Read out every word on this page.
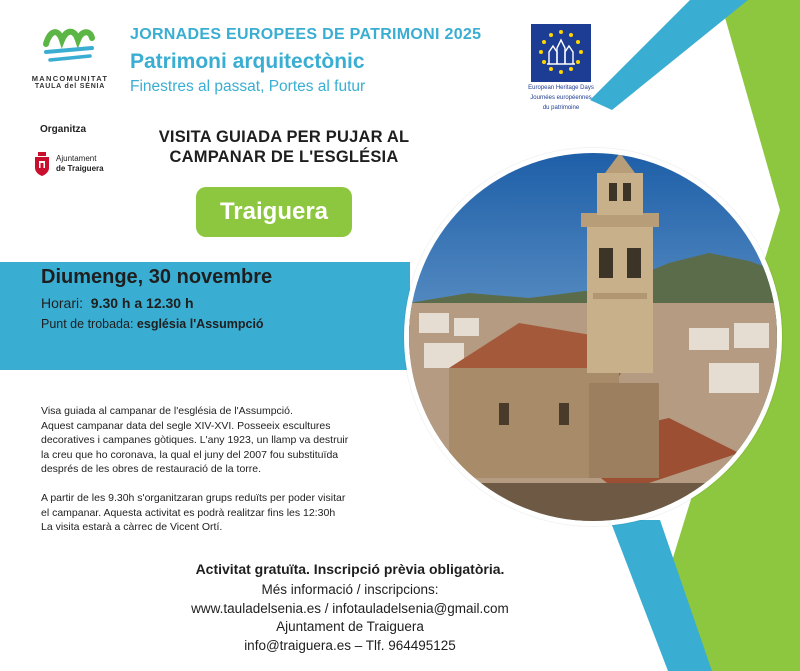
MANCOMUNITAT
TAULA del SÉNIA
Organitza
Ajuntament
de Traiguera
JORNADES EUROPEES DE PATRIMONI 2025
Patrimoni arquitectònic
Finestres al passat, Portes al futur	European Heritage Days
Journées européennes
du patrimoine
VISITA GUIADA PER PUJAR AL
CAMPANAR DE L'ESGLÉSIA
Traiguera
Diumenge, 30 novembre
Horari: 9.30 h a 12.30 h
Punt de trobada: església l'Assumpció

Visa guiada al campanar de l'església de l'Assumpció.
Aquest campanar data del segle XIV-XVI. Posseeix escultures
decoratives i campanes gòtiques. L'any 1923, un llamp va destruir
la creu que ho coronava, la qual el juny del 2007 fou substituïda
després de les obres de restauració de la torre.

A partir de les 9.30h s'organitzaran grups reduïts per poder visitar
el campanar. Aquesta activitat es podrà realitzar fins les 12:30h
La visita estarà a càrrec de Vicent Ortí.

Activitat gratuïta. Inscripció prèvia obligatòria.
Més informació / inscripcions:
www.tauladelsenia.es / infotauladelsenia@gmail.com
Ajuntament de Traiguera
info@traiguera.es – Tlf. 964495125
